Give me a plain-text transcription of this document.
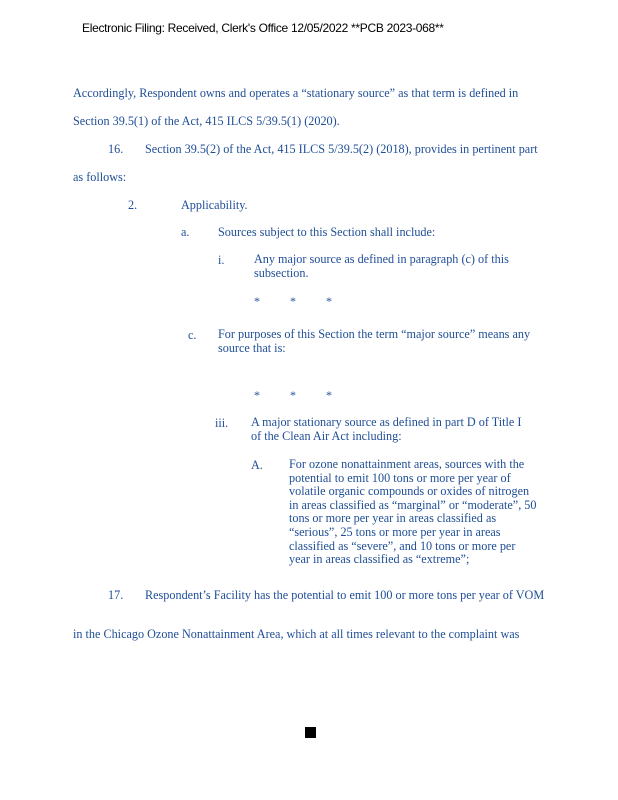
Electronic Filing: Received, Clerk's Office 12/05/2022 **PCB 2023-068**
Accordingly, Respondent owns and operates a “stationary source” as that term is defined in
Section 39.5(1) of the Act, 415 ILCS 5/39.5(1) (2020).
16. Section 39.5(2) of the Act, 415 ILCS 5/39.5(2) (2018), provides in pertinent part
as follows:
2.	Applicability.
a. Sources subject to this Section shall include:
i. Any major source as defined in paragraph (c) of this subsection.
*	*	*
c. For purposes of this Section the term “major source” means any source that is:
*	*	*
iii. A major stationary source as defined in part D of Title I of the Clean Air Act including:
A. For ozone nonattainment areas, sources with the potential to emit 100 tons or more per year of volatile organic compounds or oxides of nitrogen in areas classified as “marginal” or “moderate”, 50 tons or more per year in areas classified as “serious”, 25 tons or more per year in areas classified as “severe”, and 10 tons or more per year in areas classified as “extreme”;
17. Respondent’s Facility has the potential to emit 100 or more tons per year of VOM
in the Chicago Ozone Nonattainment Area, which at all times relevant to the complaint was
